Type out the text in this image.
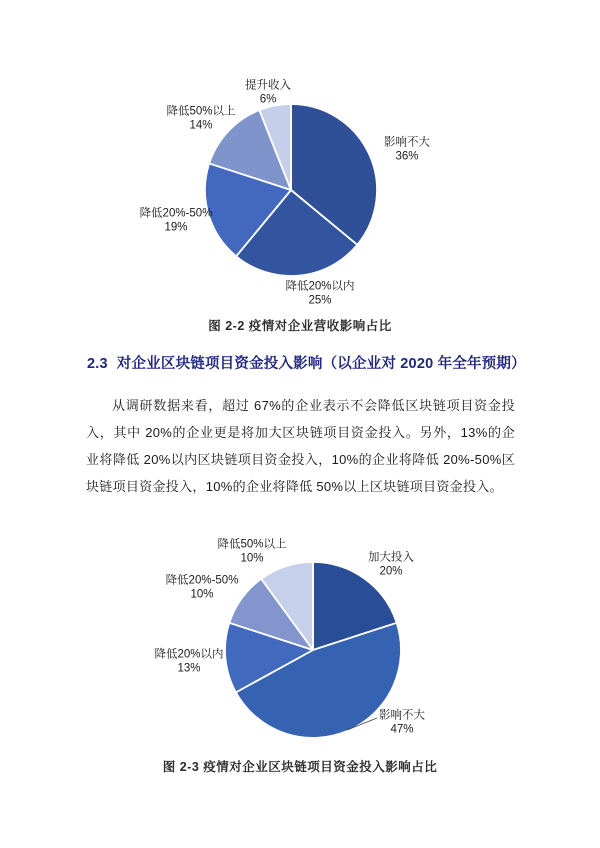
图 2-2 疫情对企业营收影响占比
影响不大
36%
降低20%以内
25%
降低20%-50%
19%
降低50%以上
14%
提升收入
6%
2.3 对企业区块链项目资金投入影响（以企业对 2020 年全年预期）

从调研数据来看，超过 67%的企业表示不会降低区块链项目资金投入，其中 20%的企业更是将加大区块链项目资金投入。另外，13%的企业将降低 20%以内区块链项目资金投入，10%的企业将降低 20%-50%区块链项目资金投入，10%的企业将降低 50%以上区块链项目资金投入。

图 2-3 疫情对企业区块链项目资金投入影响占比
加大投入
20%
影响不大
47%
降低20%以内
13%
降低20%-50%
10%
降低50%以上
10%
